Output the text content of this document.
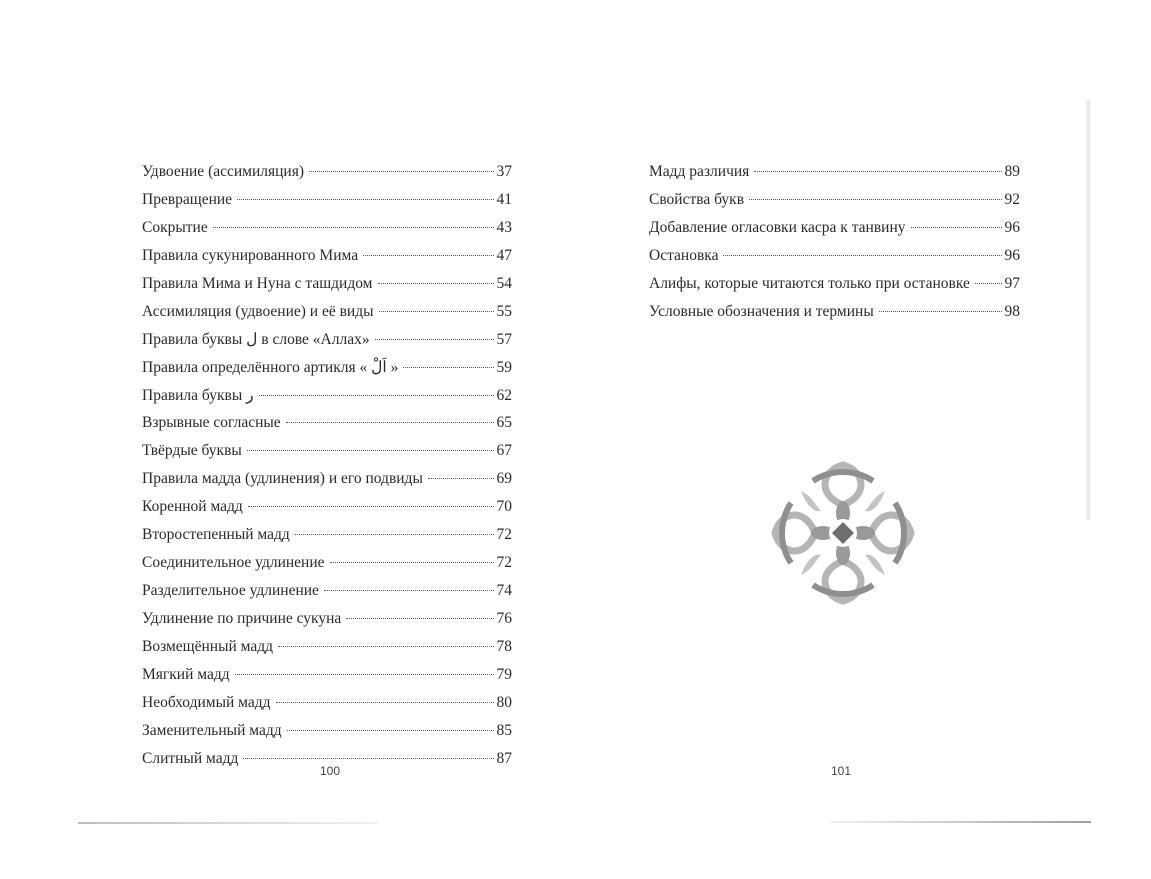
Удвоение (ассимиляция)	37
Превращение	41
Сокрытие	43
Правила сукунированного Мима	47
Правила Мима и Нуна с ташдидом	54
Ассимиляция (удвоение) и её виды	55
Правила буквы ل в слове «Аллах»	57
Правила определённого артикля « اَلْ »	59
Правила буквы ر	62
Взрывные согласные	65
Твёрдые буквы	67
Правила мадда (удлинения) и его подвиды	69
Коренной мадд	70
Второстепенный мадд	72
Соединительное удлинение	72
Разделительное удлинение	74
Удлинение по причине сукуна	76
Возмещённый мадд	78
Мягкий мадд	79
Необходимый мадд	80
Заменительный мадд	85
Слитный мадд	87
Мадд различия	89
Свойства букв	92
Добавление огласовки касра к танвину	96
Остановка	96
Алифы, которые читаются только при остановке 97
Условные обозначения и термины	98
100	101
